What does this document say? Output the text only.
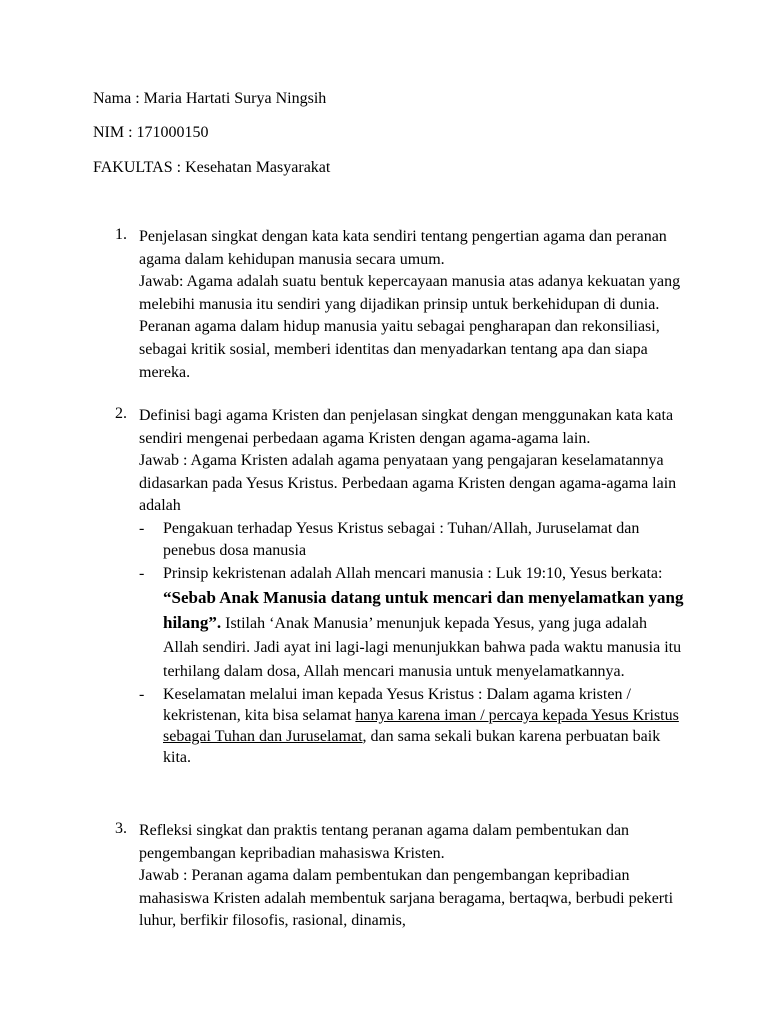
Nama : Maria Hartati Surya Ningsih

NIM : 171000150

FAKULTAS : Kesehatan Masyarakat

1. Penjelasan singkat dengan kata kata sendiri tentang pengertian agama dan peranan agama dalam kehidupan manusia secara umum.

Jawab: Agama adalah suatu bentuk kepercayaan manusia atas adanya kekuatan yang melebihi manusia itu sendiri yang dijadikan prinsip untuk berkehidupan di dunia. Peranan agama dalam hidup manusia yaitu sebagai pengharapan dan rekonsiliasi, sebagai kritik sosial, memberi identitas dan menyadarkan tentang apa dan siapa mereka.

2. Definisi bagi agama Kristen dan penjelasan singkat dengan menggunakan kata kata sendiri mengenai perbedaan agama Kristen dengan agama-agama lain.

Jawab : Agama Kristen adalah agama penyataan yang pengajaran keselamatannya didasarkan pada Yesus Kristus. Perbedaan agama Kristen dengan agama-agama lain adalah

- Pengakuan terhadap Yesus Kristus sebagai : Tuhan/Allah, Juruselamat dan penebus dosa manusia
- Prinsip kekristenan adalah Allah mencari manusia : Luk 19:10, Yesus berkata: “Sebab Anak Manusia datang untuk mencari dan menyelamatkan yang hilang”. Istilah ‘Anak Manusia’ menunjuk kepada Yesus, yang juga adalah Allah sendiri. Jadi ayat ini lagi-lagi menunjukkan bahwa pada waktu manusia itu terhilang dalam dosa, Allah mencari manusia untuk menyelamatkannya.
- Keselamatan melalui iman kepada Yesus Kristus : Dalam agama kristen / kekristenan, kita bisa selamat hanya karena iman / percaya kepada Yesus Kristus sebagai Tuhan dan Juruselamat, dan sama sekali bukan karena perbuatan baik kita.
3. Refleksi singkat dan praktis tentang peranan agama dalam pembentukan dan pengembangan kepribadian mahasiswa Kristen.

Jawab : Peranan agama dalam pembentukan dan pengembangan kepribadian mahasiswa Kristen adalah membentuk sarjana beragama, bertaqwa, berbudi pekerti luhur, berfikir filosofis, rasional, dinamis,
